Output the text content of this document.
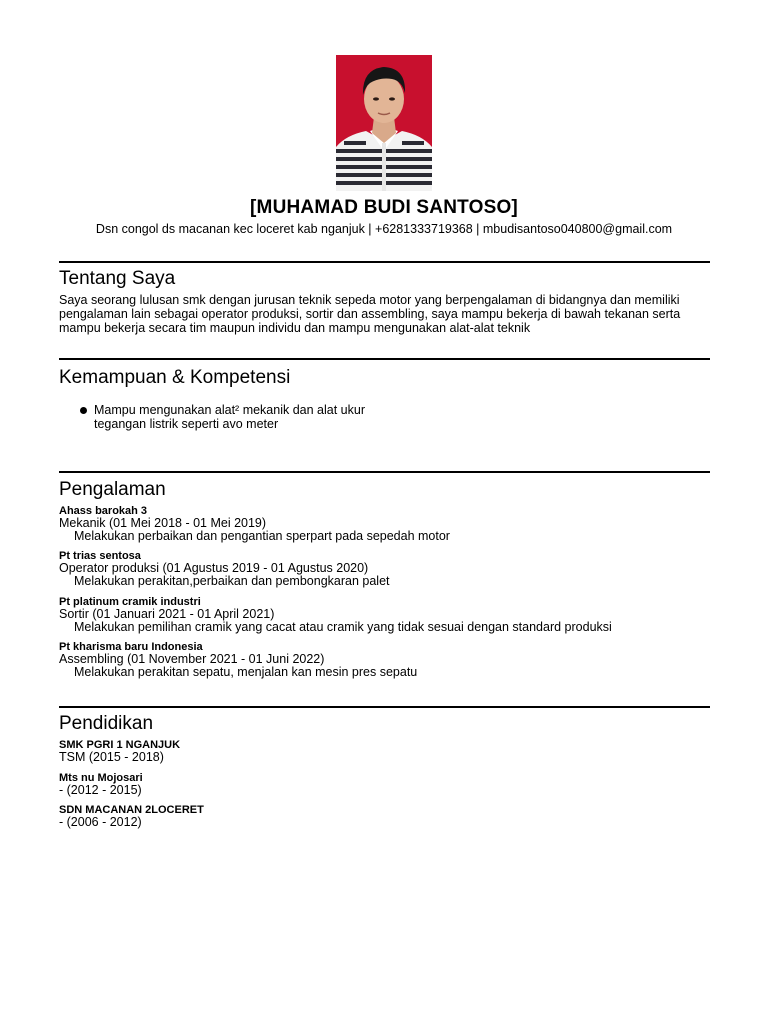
[MUHAMAD BUDI SANTOSO]
Dsn congol ds macanan kec loceret kab nganjuk | +6281333719368 | mbudisantoso040800@gmail.com
Tentang Saya
Saya seorang lulusan smk dengan jurusan teknik sepeda motor yang berpengalaman di bidangnya dan memiliki pengalaman lain sebagai operator produksi, sortir dan assembling, saya mampu bekerja di bawah tekanan serta mampu bekerja secara tim maupun individu dan mampu mengunakan alat-alat teknik
Kemampuan & Kompetensi
Mampu mengunakan alat² mekanik dan alat ukur tegangan listrik seperti avo meter
Pengalaman
Ahass barokah 3
Mekanik (01 Mei 2018 - 01 Mei 2019)
Melakukan perbaikan dan pengantian sperpart pada sepedah motor
Pt trias sentosa
Operator produksi (01 Agustus 2019 - 01 Agustus 2020)
Melakukan perakitan,perbaikan dan pembongkaran palet
Pt platinum cramik industri
Sortir (01 Januari 2021 - 01 April 2021)
Melakukan pemilihan cramik yang cacat atau cramik yang tidak sesuai dengan standard produksi
Pt kharisma baru Indonesia
Assembling (01 November 2021 - 01 Juni 2022)
Melakukan perakitan sepatu, menjalan kan mesin pres sepatu
Pendidikan
SMK PGRI 1 NGANJUK
TSM (2015 - 2018)
Mts nu Mojosari
- (2012 - 2015)
SDN MACANAN 2LOCERET
- (2006 - 2012)
